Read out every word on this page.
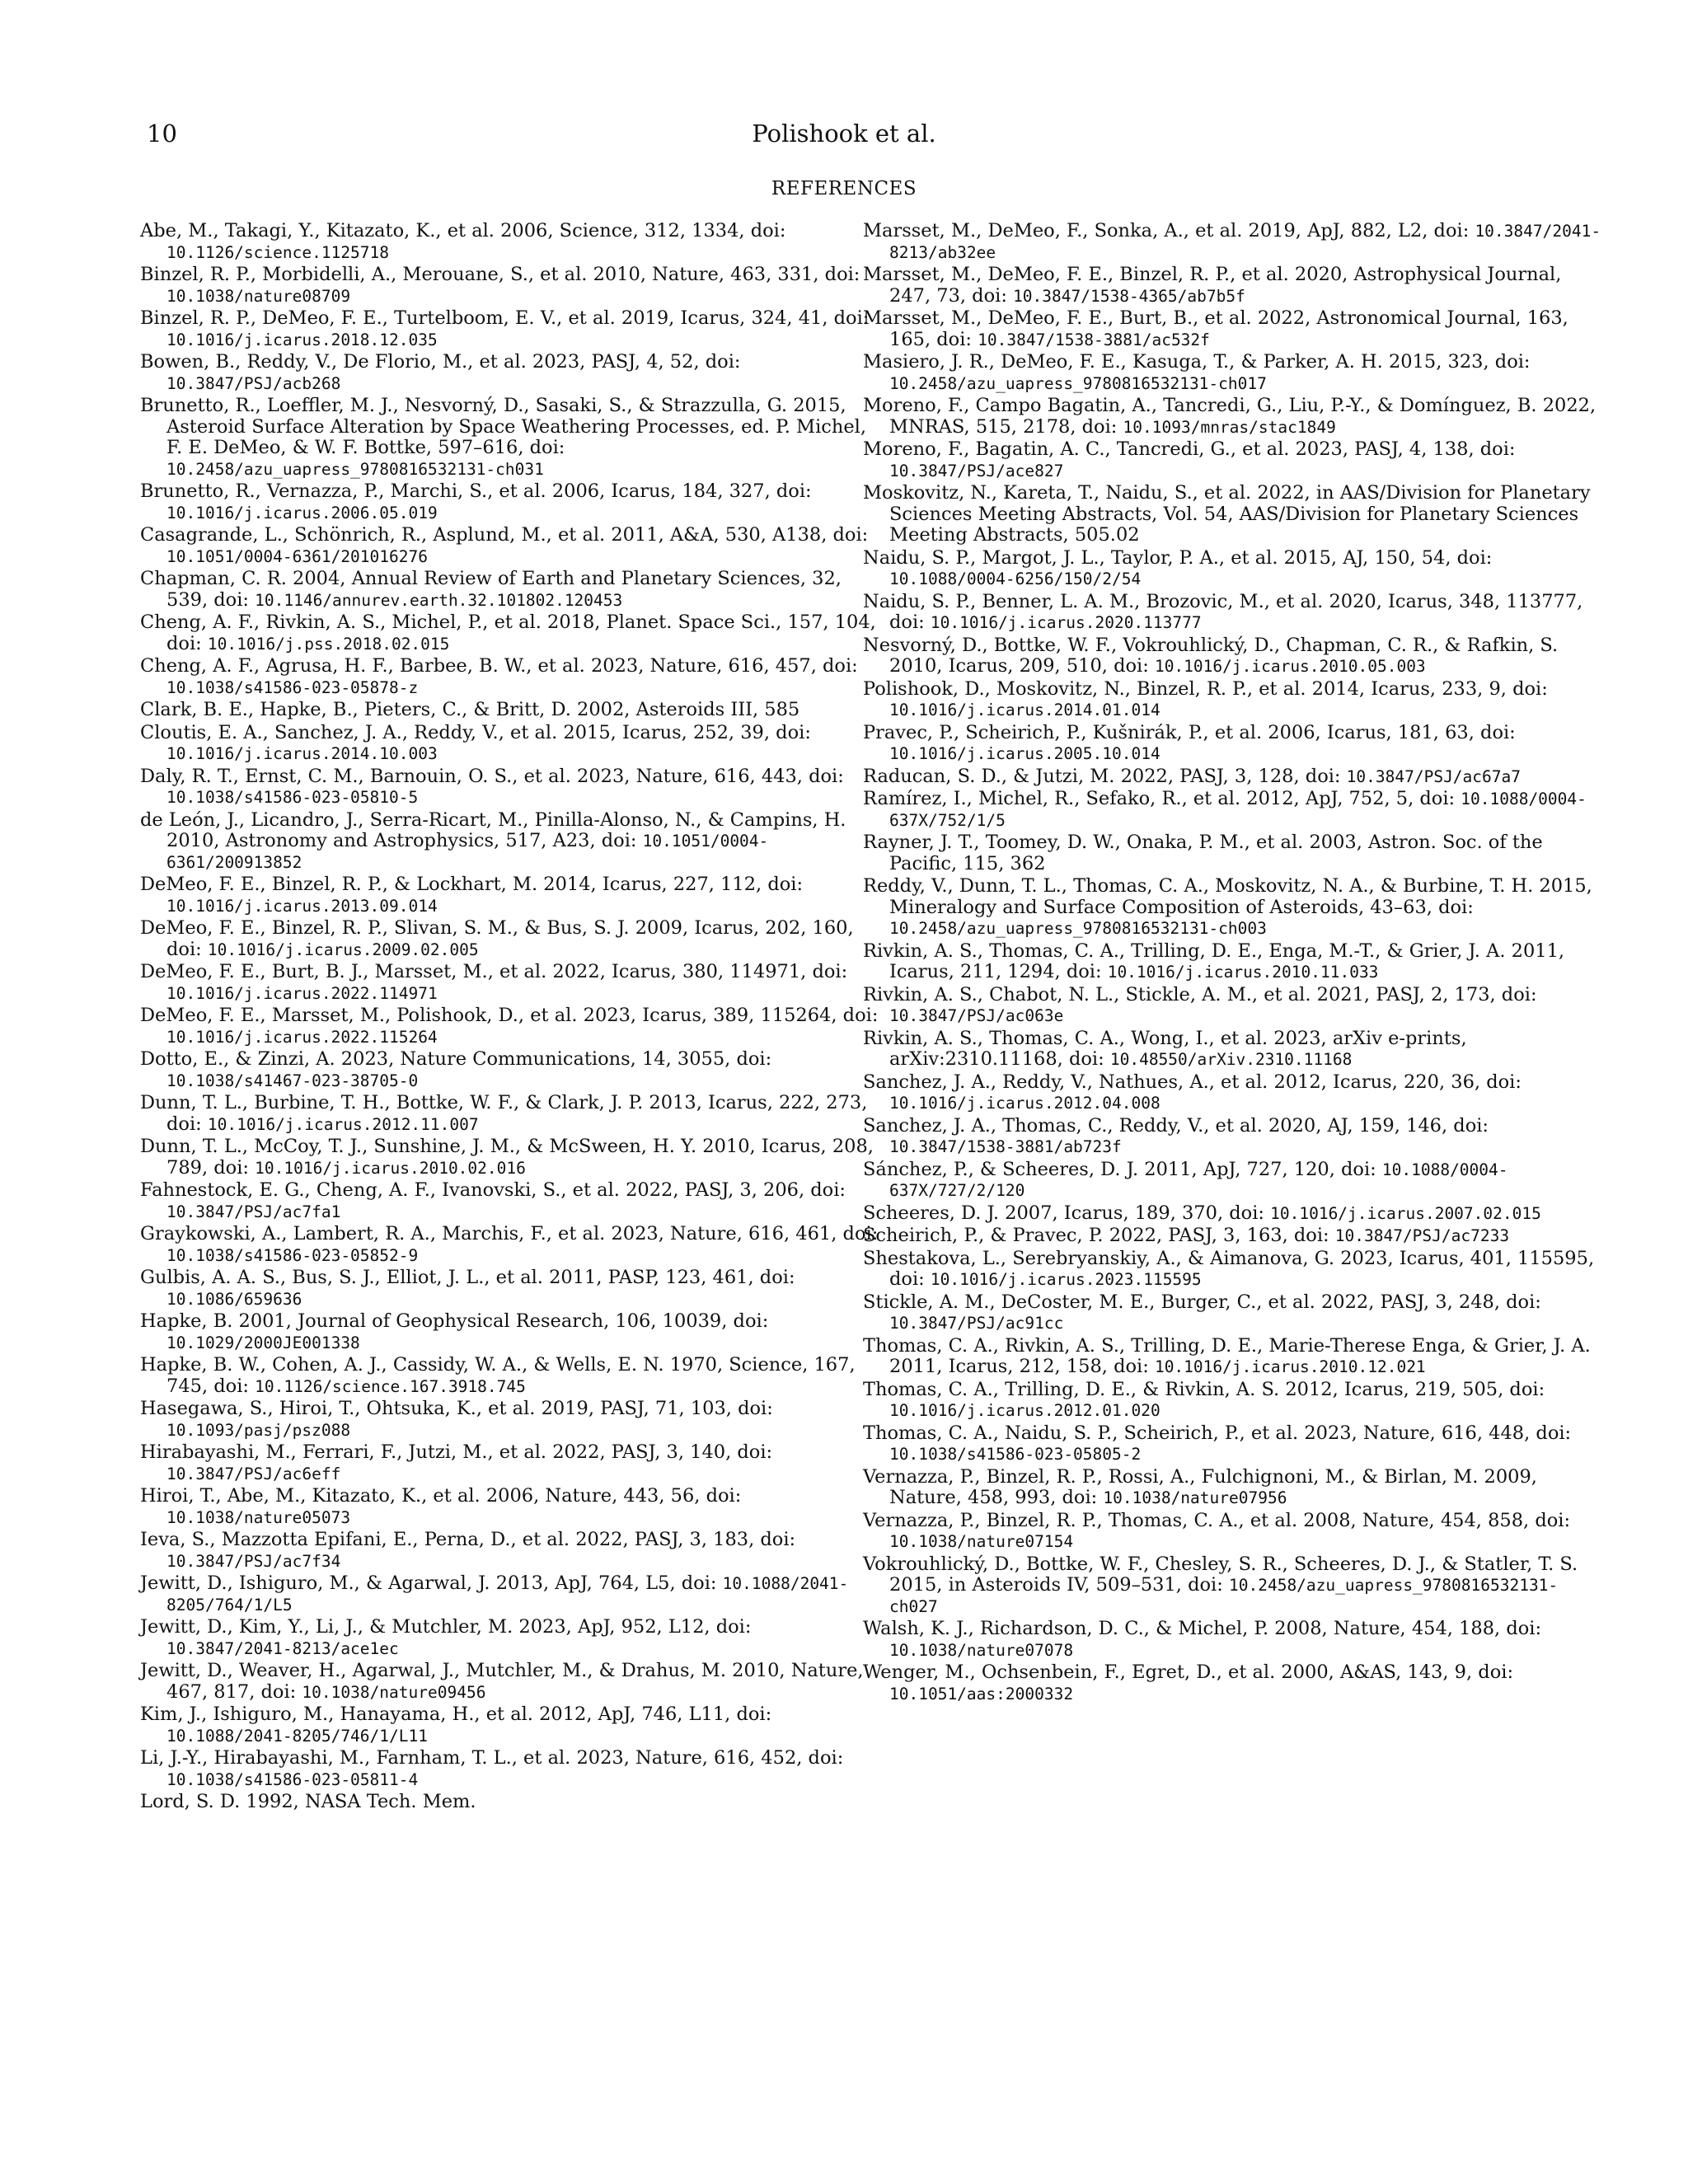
10	Polishook et al.
REFERENCES
Abe, M., Takagi, Y., Kitazato, K., et al. 2006, Science, 312, 1334, doi: 10.1126/science.1125718
Binzel, R. P., Morbidelli, A., Merouane, S., et al. 2010, Nature, 463, 331, doi: 10.1038/nature08709
Binzel, R. P., DeMeo, F. E., Turtelboom, E. V., et al. 2019, Icarus, 324, 41, doi: 10.1016/j.icarus.2018.12.035
Bowen, B., Reddy, V., De Florio, M., et al. 2023, PASJ, 4, 52, doi: 10.3847/PSJ/acb268
Brunetto, R., Loeffler, M. J., Nesvorný, D., Sasaki, S., & Strazzulla, G. 2015, Asteroid Surface Alteration by Space Weathering Processes, ed. P. Michel, F. E. DeMeo, & W. F. Bottke, 597–616, doi: 10.2458/azu_uapress_9780816532131-ch031
Brunetto, R., Vernazza, P., Marchi, S., et al. 2006, Icarus, 184, 327, doi: 10.1016/j.icarus.2006.05.019
Casagrande, L., Schönrich, R., Asplund, M., et al. 2011, A&A, 530, A138, doi: 10.1051/0004-6361/201016276
Chapman, C. R. 2004, Annual Review of Earth and Planetary Sciences, 32, 539, doi: 10.1146/annurev.earth.32.101802.120453
Cheng, A. F., Rivkin, A. S., Michel, P., et al. 2018, Planet. Space Sci., 157, 104, doi: 10.1016/j.pss.2018.02.015
Cheng, A. F., Agrusa, H. F., Barbee, B. W., et al. 2023, Nature, 616, 457, doi: 10.1038/s41586-023-05878-z
Clark, B. E., Hapke, B., Pieters, C., & Britt, D. 2002, Asteroids III, 585
Cloutis, E. A., Sanchez, J. A., Reddy, V., et al. 2015, Icarus, 252, 39, doi: 10.1016/j.icarus.2014.10.003
Daly, R. T., Ernst, C. M., Barnouin, O. S., et al. 2023, Nature, 616, 443, doi: 10.1038/s41586-023-05810-5
de León, J., Licandro, J., Serra-Ricart, M., Pinilla-Alonso, N., & Campins, H. 2010, Astronomy and Astrophysics, 517, A23, doi: 10.1051/0004-6361/200913852
DeMeo, F. E., Binzel, R. P., & Lockhart, M. 2014, Icarus, 227, 112, doi: 10.1016/j.icarus.2013.09.014
DeMeo, F. E., Binzel, R. P., Slivan, S. M., & Bus, S. J. 2009, Icarus, 202, 160, doi: 10.1016/j.icarus.2009.02.005
DeMeo, F. E., Burt, B. J., Marsset, M., et al. 2022, Icarus, 380, 114971, doi: 10.1016/j.icarus.2022.114971
DeMeo, F. E., Marsset, M., Polishook, D., et al. 2023, Icarus, 389, 115264, doi: 10.1016/j.icarus.2022.115264
Dotto, E., & Zinzi, A. 2023, Nature Communications, 14, 3055, doi: 10.1038/s41467-023-38705-0
Dunn, T. L., Burbine, T. H., Bottke, W. F., & Clark, J. P. 2013, Icarus, 222, 273, doi: 10.1016/j.icarus.2012.11.007
Dunn, T. L., McCoy, T. J., Sunshine, J. M., & McSween, H. Y. 2010, Icarus, 208, 789, doi: 10.1016/j.icarus.2010.02.016
Fahnestock, E. G., Cheng, A. F., Ivanovski, S., et al. 2022, PASJ, 3, 206, doi: 10.3847/PSJ/ac7fa1
Graykowski, A., Lambert, R. A., Marchis, F., et al. 2023, Nature, 616, 461, doi: 10.1038/s41586-023-05852-9
Gulbis, A. A. S., Bus, S. J., Elliot, J. L., et al. 2011, PASP, 123, 461, doi: 10.1086/659636
Hapke, B. 2001, Journal of Geophysical Research, 106, 10039, doi: 10.1029/2000JE001338
Hapke, B. W., Cohen, A. J., Cassidy, W. A., & Wells, E. N. 1970, Science, 167, 745, doi: 10.1126/science.167.3918.745
Hasegawa, S., Hiroi, T., Ohtsuka, K., et al. 2019, PASJ, 71, 103, doi: 10.1093/pasj/psz088
Hirabayashi, M., Ferrari, F., Jutzi, M., et al. 2022, PASJ, 3, 140, doi: 10.3847/PSJ/ac6eff
Hiroi, T., Abe, M., Kitazato, K., et al. 2006, Nature, 443, 56, doi: 10.1038/nature05073
Ieva, S., Mazzotta Epifani, E., Perna, D., et al. 2022, PASJ, 3, 183, doi: 10.3847/PSJ/ac7f34
Jewitt, D., Ishiguro, M., & Agarwal, J. 2013, ApJ, 764, L5, doi: 10.1088/2041-8205/764/1/L5
Jewitt, D., Kim, Y., Li, J., & Mutchler, M. 2023, ApJ, 952, L12, doi: 10.3847/2041-8213/ace1ec
Jewitt, D., Weaver, H., Agarwal, J., Mutchler, M., & Drahus, M. 2010, Nature, 467, 817, doi: 10.1038/nature09456
Kim, J., Ishiguro, M., Hanayama, H., et al. 2012, ApJ, 746, L11, doi: 10.1088/2041-8205/746/1/L11
Li, J.-Y., Hirabayashi, M., Farnham, T. L., et al. 2023, Nature, 616, 452, doi: 10.1038/s41586-023-05811-4
Lord, S. D. 1992, NASA Tech. Mem.
Marsset, M., DeMeo, F., Sonka, A., et al. 2019, ApJ, 882, L2, doi: 10.3847/2041-8213/ab32ee
Marsset, M., DeMeo, F. E., Binzel, R. P., et al. 2020, Astrophysical Journal, 247, 73, doi: 10.3847/1538-4365/ab7b5f
Marsset, M., DeMeo, F. E., Burt, B., et al. 2022, Astronomical Journal, 163, 165, doi: 10.3847/1538-3881/ac532f
Masiero, J. R., DeMeo, F. E., Kasuga, T., & Parker, A. H. 2015, 323, doi: 10.2458/azu_uapress_9780816532131-ch017
Moreno, F., Campo Bagatin, A., Tancredi, G., Liu, P.-Y., & Domínguez, B. 2022, MNRAS, 515, 2178, doi: 10.1093/mnras/stac1849
Moreno, F., Bagatin, A. C., Tancredi, G., et al. 2023, PASJ, 4, 138, doi: 10.3847/PSJ/ace827
Moskovitz, N., Kareta, T., Naidu, S., et al. 2022, in AAS/Division for Planetary Sciences Meeting Abstracts, Vol. 54, AAS/Division for Planetary Sciences Meeting Abstracts, 505.02
Naidu, S. P., Margot, J. L., Taylor, P. A., et al. 2015, AJ, 150, 54, doi: 10.1088/0004-6256/150/2/54
Naidu, S. P., Benner, L. A. M., Brozovic, M., et al. 2020, Icarus, 348, 113777, doi: 10.1016/j.icarus.2020.113777
Nesvorný, D., Bottke, W. F., Vokrouhlický, D., Chapman, C. R., & Rafkin, S. 2010, Icarus, 209, 510, doi: 10.1016/j.icarus.2010.05.003
Polishook, D., Moskovitz, N., Binzel, R. P., et al. 2014, Icarus, 233, 9, doi: 10.1016/j.icarus.2014.01.014
Pravec, P., Scheirich, P., Kušnirák, P., et al. 2006, Icarus, 181, 63, doi: 10.1016/j.icarus.2005.10.014
Raducan, S. D., & Jutzi, M. 2022, PASJ, 3, 128, doi: 10.3847/PSJ/ac67a7
Ramírez, I., Michel, R., Sefako, R., et al. 2012, ApJ, 752, 5, doi: 10.1088/0004-637X/752/1/5
Rayner, J. T., Toomey, D. W., Onaka, P. M., et al. 2003, Astron. Soc. of the Pacific, 115, 362
Reddy, V., Dunn, T. L., Thomas, C. A., Moskovitz, N. A., & Burbine, T. H. 2015, Mineralogy and Surface Composition of Asteroids, 43–63, doi: 10.2458/azu_uapress_9780816532131-ch003
Rivkin, A. S., Thomas, C. A., Trilling, D. E., Enga, M.-T., & Grier, J. A. 2011, Icarus, 211, 1294, doi: 10.1016/j.icarus.2010.11.033
Rivkin, A. S., Chabot, N. L., Stickle, A. M., et al. 2021, PASJ, 2, 173, doi: 10.3847/PSJ/ac063e
Rivkin, A. S., Thomas, C. A., Wong, I., et al. 2023, arXiv e-prints, arXiv:2310.11168, doi: 10.48550/arXiv.2310.11168
Sanchez, J. A., Reddy, V., Nathues, A., et al. 2012, Icarus, 220, 36, doi: 10.1016/j.icarus.2012.04.008
Sanchez, J. A., Thomas, C., Reddy, V., et al. 2020, AJ, 159, 146, doi: 10.3847/1538-3881/ab723f
Sánchez, P., & Scheeres, D. J. 2011, ApJ, 727, 120, doi: 10.1088/0004-637X/727/2/120
Scheeres, D. J. 2007, Icarus, 189, 370, doi: 10.1016/j.icarus.2007.02.015
Scheirich, P., & Pravec, P. 2022, PASJ, 3, 163, doi: 10.3847/PSJ/ac7233
Shestakova, L., Serebryanskiy, A., & Aimanova, G. 2023, Icarus, 401, 115595, doi: 10.1016/j.icarus.2023.115595
Stickle, A. M., DeCoster, M. E., Burger, C., et al. 2022, PASJ, 3, 248, doi: 10.3847/PSJ/ac91cc
Thomas, C. A., Rivkin, A. S., Trilling, D. E., Marie-Therese Enga, & Grier, J. A. 2011, Icarus, 212, 158, doi: 10.1016/j.icarus.2010.12.021
Thomas, C. A., Trilling, D. E., & Rivkin, A. S. 2012, Icarus, 219, 505, doi: 10.1016/j.icarus.2012.01.020
Thomas, C. A., Naidu, S. P., Scheirich, P., et al. 2023, Nature, 616, 448, doi: 10.1038/s41586-023-05805-2
Vernazza, P., Binzel, R. P., Rossi, A., Fulchignoni, M., & Birlan, M. 2009, Nature, 458, 993, doi: 10.1038/nature07956
Vernazza, P., Binzel, R. P., Thomas, C. A., et al. 2008, Nature, 454, 858, doi: 10.1038/nature07154
Vokrouhlický, D., Bottke, W. F., Chesley, S. R., Scheeres, D. J., & Statler, T. S. 2015, in Asteroids IV, 509–531, doi: 10.2458/azu_uapress_9780816532131-ch027
Walsh, K. J., Richardson, D. C., & Michel, P. 2008, Nature, 454, 188, doi: 10.1038/nature07078
Wenger, M., Ochsenbein, F., Egret, D., et al. 2000, A&AS, 143, 9, doi: 10.1051/aas:2000332
